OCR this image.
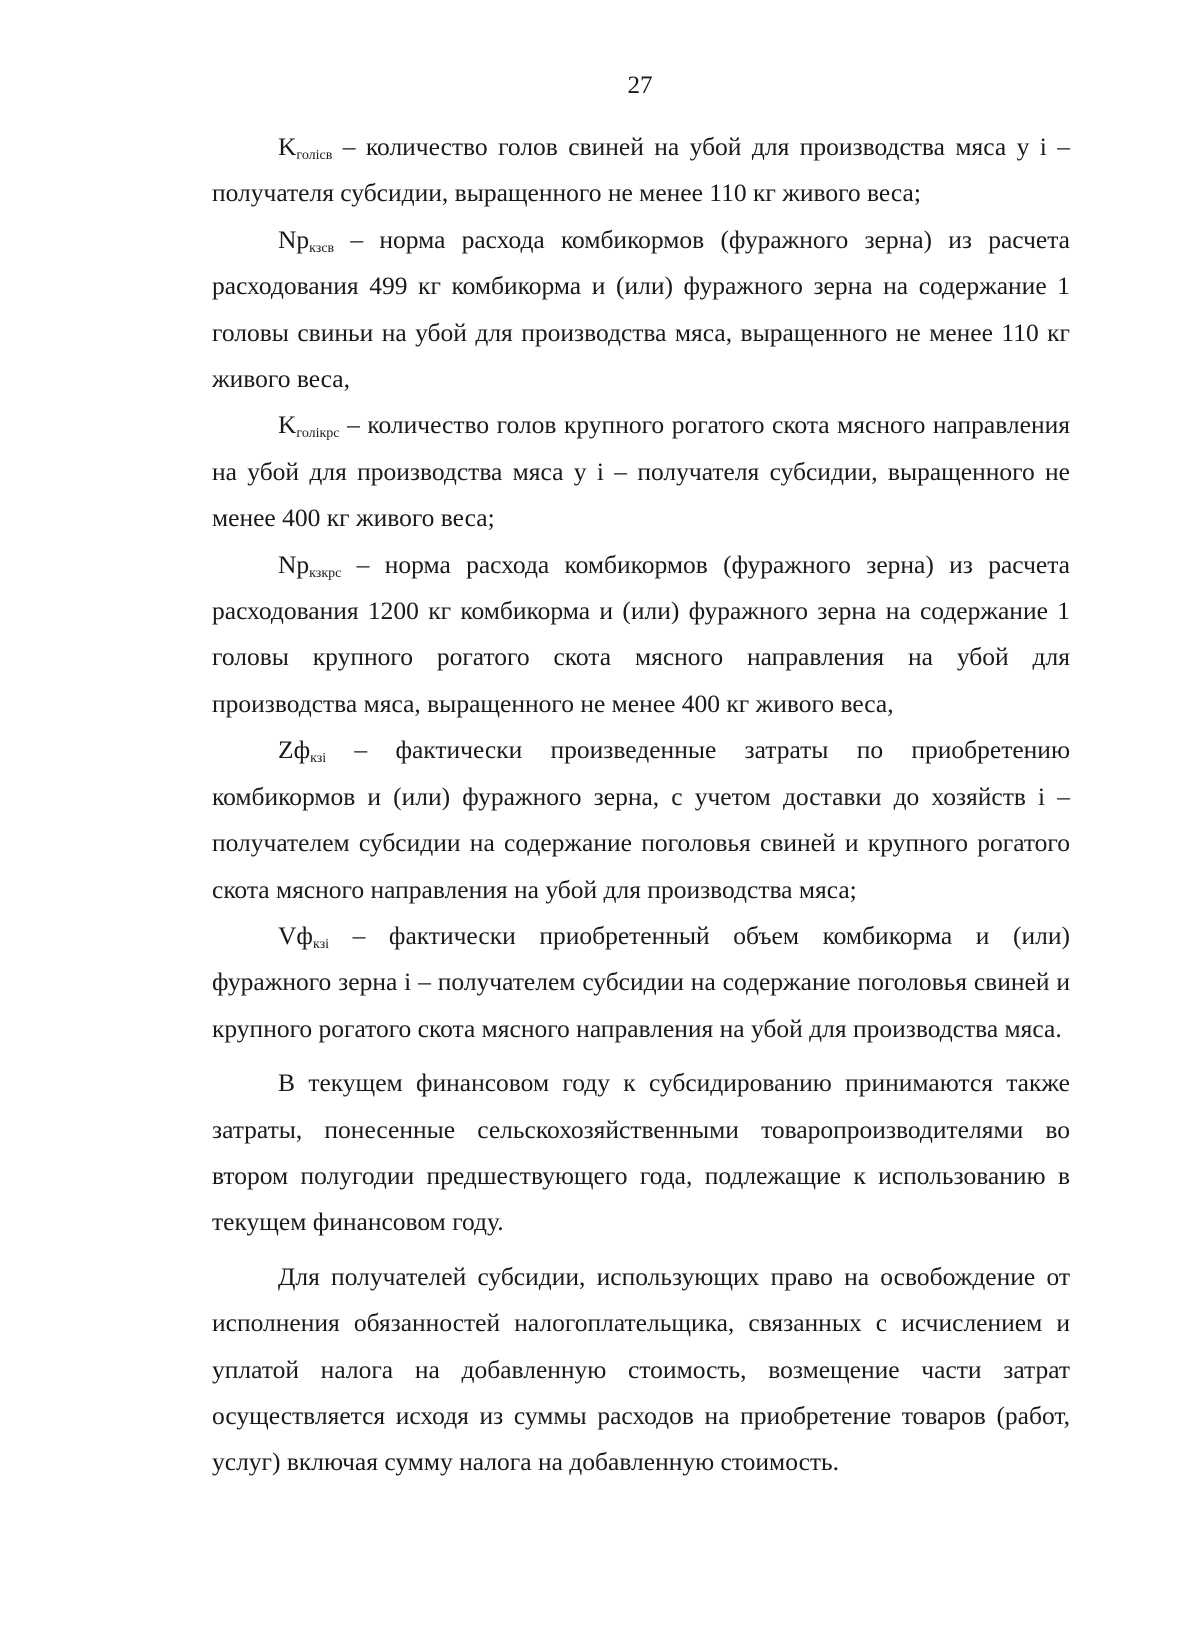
27

$K_{голісв}$ – количество голов свиней на убой для производства мяса у i – получателя субсидии, выращенного не менее 110 кг живого веса;

$Np_{кзсв}$ – норма расхода комбикормов (фуражного зерна) из расчета расходования 499 кг комбикорма и (или) фуражного зерна на содержание 1 головы свиньи на убой для производства мяса, выращенного не менее 110 кг живого веса,

$K_{голікрс}$ – количество голов крупного рогатого скота мясного направления на убой для производства мяса у i – получателя субсидии, выращенного не менее 400 кг живого веса;

$Np_{кзкрс}$ – норма расхода комбикормов (фуражного зерна) из расчета расходования 1200 кг комбикорма и (или) фуражного зерна на содержание 1 головы крупного рогатого скота мясного направления на убой для производства мяса, выращенного не менее 400 кг живого веса,

$Zф_{кзі}$ – фактически произведенные затраты по приобретению комбикормов и (или) фуражного зерна, с учетом доставки до хозяйств i – получателем субсидии на содержание поголовья свиней и крупного рогатого скота мясного направления на убой для производства мяса;

$Vф_{кзі}$ – фактически приобретенный объем комбикорма и (или) фуражного зерна i – получателем субсидии на содержание поголовья свиней и крупного рогатого скота мясного направления на убой для производства мяса.

В текущем финансовом году к субсидированию принимаются также затраты, понесенные сельскохозяйственными товаропроизводителями во втором полугодии предшествующего года, подлежащие к использованию в текущем финансовом году.

Для получателей субсидии, использующих право на освобождение от исполнения обязанностей налогоплательщика, связанных с исчислением и уплатой налога на добавленную стоимость, возмещение части затрат осуществляется исходя из суммы расходов на приобретение товаров (работ, услуг) включая сумму налога на добавленную стоимость.
